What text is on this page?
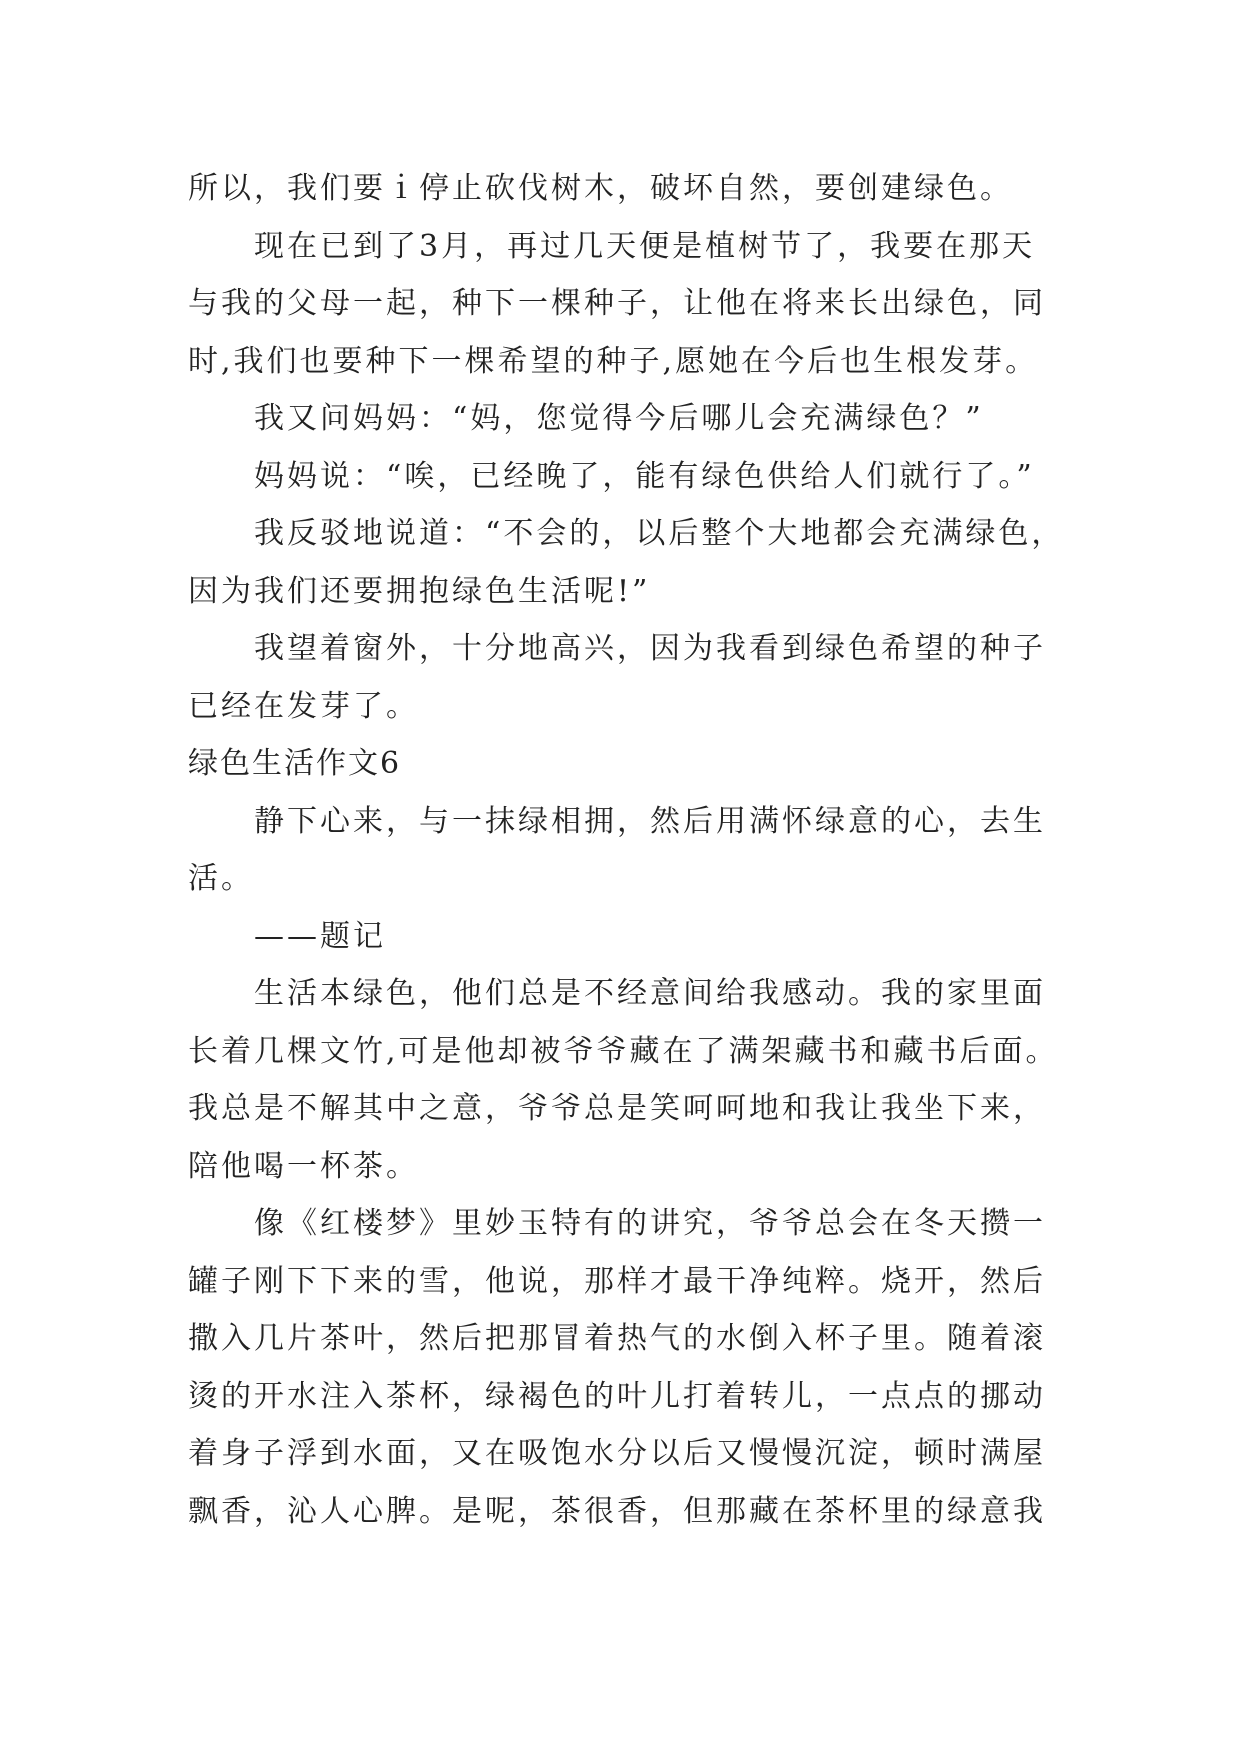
所以，我们要ｉ停止砍伐树木，破坏自然，要创建绿色。
现在已到了3月，再过几天便是植树节了，我要在那天
与我的父母一起，种下一棵种子，让他在将来长出绿色，同
时,我们也要种下一棵希望的种子,愿她在今后也生根发芽。
我又问妈妈：“妈，您觉得今后哪儿会充满绿色？”
妈妈说：“唉，已经晚了，能有绿色供给人们就行了。”
我反驳地说道：“不会的，以后整个大地都会充满绿色，
因为我们还要拥抱绿色生活呢!”
我望着窗外，十分地高兴，因为我看到绿色希望的种子
已经在发芽了。
绿色生活作文6
静下心来，与一抹绿相拥，然后用满怀绿意的心，去生
活。
——题记
生活本绿色，他们总是不经意间给我感动。我的家里面
长着几棵文竹,可是他却被爷爷藏在了满架藏书和藏书后面。
我总是不解其中之意，爷爷总是笑呵呵地和我让我坐下来，
陪他喝一杯茶。
像《红楼梦》里妙玉特有的讲究，爷爷总会在冬天攒一
罐子刚下下来的雪，他说，那样才最干净纯粹。烧开，然后
撒入几片茶叶，然后把那冒着热气的水倒入杯子里。随着滚
烫的开水注入茶杯，绿褐色的叶儿打着转儿，一点点的挪动
着身子浮到水面，又在吸饱水分以后又慢慢沉淀，顿时满屋
飘香，沁人心脾。是呢，茶很香，但那藏在茶杯里的绿意我
